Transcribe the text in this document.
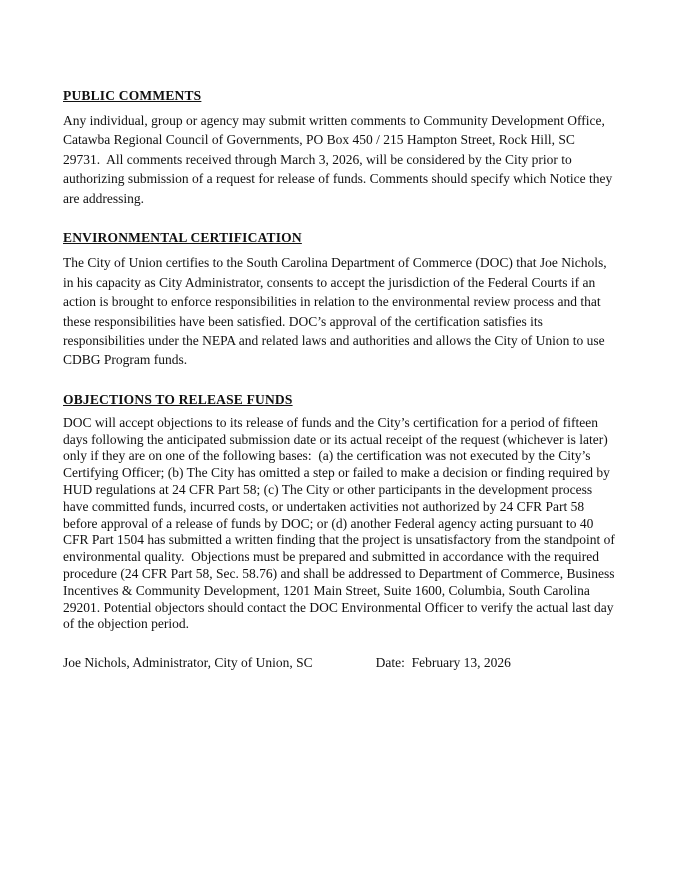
PUBLIC COMMENTS
Any individual, group or agency may submit written comments to Community Development Office, Catawba Regional Council of Governments, PO Box 450 / 215 Hampton Street, Rock Hill, SC  29731.  All comments received through March 3, 2026, will be considered by the City prior to authorizing submission of a request for release of funds. Comments should specify which Notice they are addressing.
ENVIRONMENTAL CERTIFICATION
The City of Union certifies to the South Carolina Department of Commerce (DOC) that Joe Nichols, in his capacity as City Administrator, consents to accept the jurisdiction of the Federal Courts if an action is brought to enforce responsibilities in relation to the environmental review process and that these responsibilities have been satisfied. DOC’s approval of the certification satisfies its responsibilities under the NEPA and related laws and authorities and allows the City of Union to use CDBG Program funds.
OBJECTIONS TO RELEASE FUNDS
DOC will accept objections to its release of funds and the City’s certification for a period of fifteen days following the anticipated submission date or its actual receipt of the request (whichever is later) only if they are on one of the following bases:  (a) the certification was not executed by the City’s Certifying Officer; (b) The City has omitted a step or failed to make a decision or finding required by HUD regulations at 24 CFR Part 58; (c) The City or other participants in the development process have committed funds, incurred costs, or undertaken activities not authorized by 24 CFR Part 58 before approval of a release of funds by DOC; or (d) another Federal agency acting pursuant to 40 CFR Part 1504 has submitted a written finding that the project is unsatisfactory from the standpoint of environmental quality.  Objections must be prepared and submitted in accordance with the required procedure (24 CFR Part 58, Sec. 58.76) and shall be addressed to Department of Commerce, Business Incentives & Community Development, 1201 Main Street, Suite 1600, Columbia, South Carolina 29201. Potential objectors should contact the DOC Environmental Officer to verify the actual last day of the objection period.
Joe Nichols, Administrator, City of Union, SC	Date:  February 13, 2026
